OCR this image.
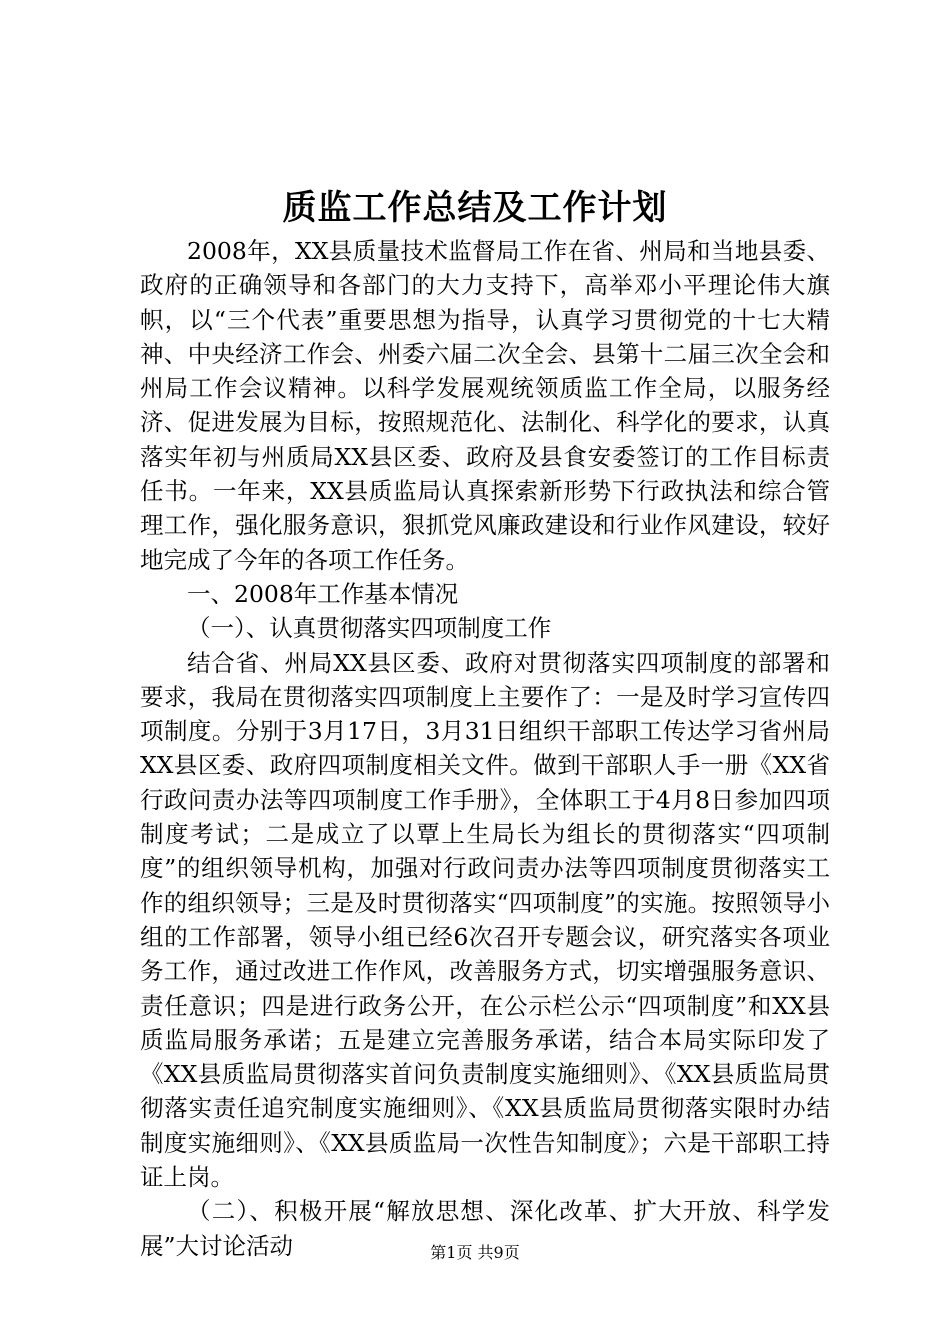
质监工作总结及工作计划

2008年，XX县质量技术监督局工作在省、州局和当地县委、政府的正确领导和各部门的大力支持下，高举邓小平理论伟大旗帜，以“三个代表”重要思想为指导，认真学习贯彻党的十七大精神、中央经济工作会、州委六届二次全会、县第十二届三次全会和州局工作会议精神。以科学发展观统领质监工作全局，以服务经济、促进发展为目标，按照规范化、法制化、科学化的要求，认真落实年初与州质局XX县区委、政府及县食安委签订的工作目标责任书。一年来，XX县质监局认真探索新形势下行政执法和综合管理工作，强化服务意识，狠抓党风廉政建设和行业作风建设，较好地完成了今年的各项工作任务。

一、2008年工作基本情况

（一）、认真贯彻落实四项制度工作

结合省、州局XX县区委、政府对贯彻落实四项制度的部署和要求，我局在贯彻落实四项制度上主要作了：一是及时学习宣传四项制度。分别于3月17日，3月31日组织干部职工传达学习省州局XX县区委、政府四项制度相关文件。做到干部职人手一册《XX省行政问责办法等四项制度工作手册》，全体职工于4月8日参加四项制度考试；二是成立了以覃上生局长为组长的贯彻落实“四项制度”的组织领导机构，加强对行政问责办法等四项制度贯彻落实工作的组织领导；三是及时贯彻落实“四项制度”的实施。按照领导小组的工作部署，领导小组已经6次召开专题会议，研究落实各项业务工作，通过改进工作作风，改善服务方式，切实增强服务意识、责任意识；四是进行政务公开，在公示栏公示“四项制度”和XX县质监局服务承诺；五是建立完善服务承诺，结合本局实际印发了《XX县质监局贯彻落实首问负责制度实施细则》、《XX县质监局贯彻落实责任追究制度实施细则》、《XX县质监局贯彻落实限时办结制度实施细则》、《XX县质监局一次性告知制度》；六是干部职工持证上岗。

（二）、积极开展“解放思想、深化改革、扩大开放、科学发展”大讨论活动	第1页 共9页
